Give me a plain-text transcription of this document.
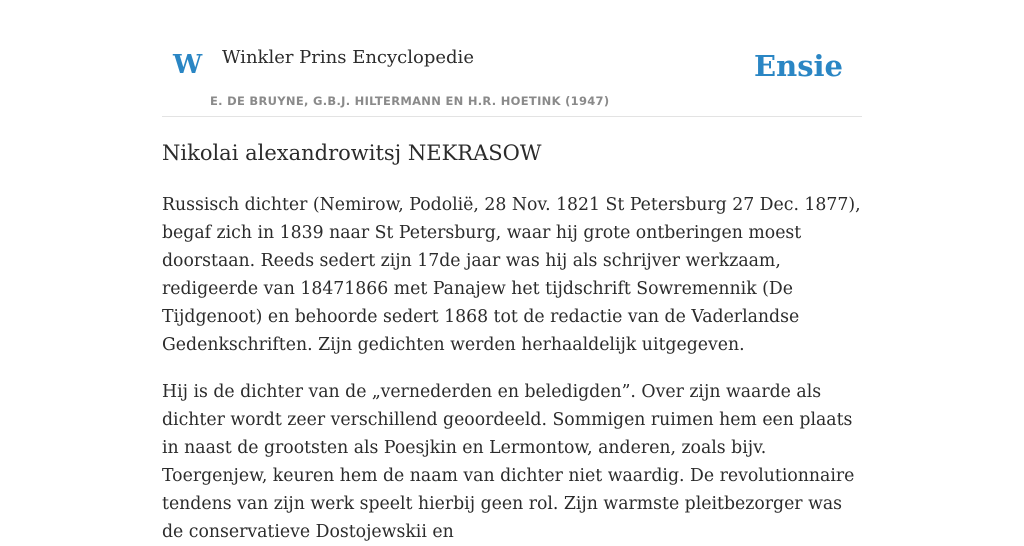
W Winkler Prins Encyclopedie
E. DE BRUYNE, G.B.J. HILTERMANN EN H.R. HOETINK (1947)
Ensie
Nikolai alexandrowitsj NEKRASOW

Russisch dichter (Nemirow, Podolië, 28 Nov. 1821 St Petersburg 27 Dec. 1877), begaf zich in 1839 naar St Petersburg, waar hij grote ontberingen moest doorstaan. Reeds sedert zijn 17de jaar was hij als schrijver werkzaam, redigeerde van 18471866 met Panajew het tijdschrift Sowremennik (De Tijdgenoot) en behoorde sedert 1868 tot de redactie van de Vaderlandse Gedenkschriften. Zijn gedichten werden herhaaldelijk uitgegeven.

Hij is de dichter van de „vernederden en beledigden”. Over zijn waarde als dichter wordt zeer verschillend geoordeeld. Sommigen ruimen hem een plaats in naast de grootsten als Poesjkin en Lermontow, anderen, zoals bijv. Toergenjew, keuren hem de naam van dichter niet waardig. De revolutionnaire tendens van zijn werk speelt hierbij geen rol. Zijn warmste pleitbezorger was de conservatieve Dostojewskii en
